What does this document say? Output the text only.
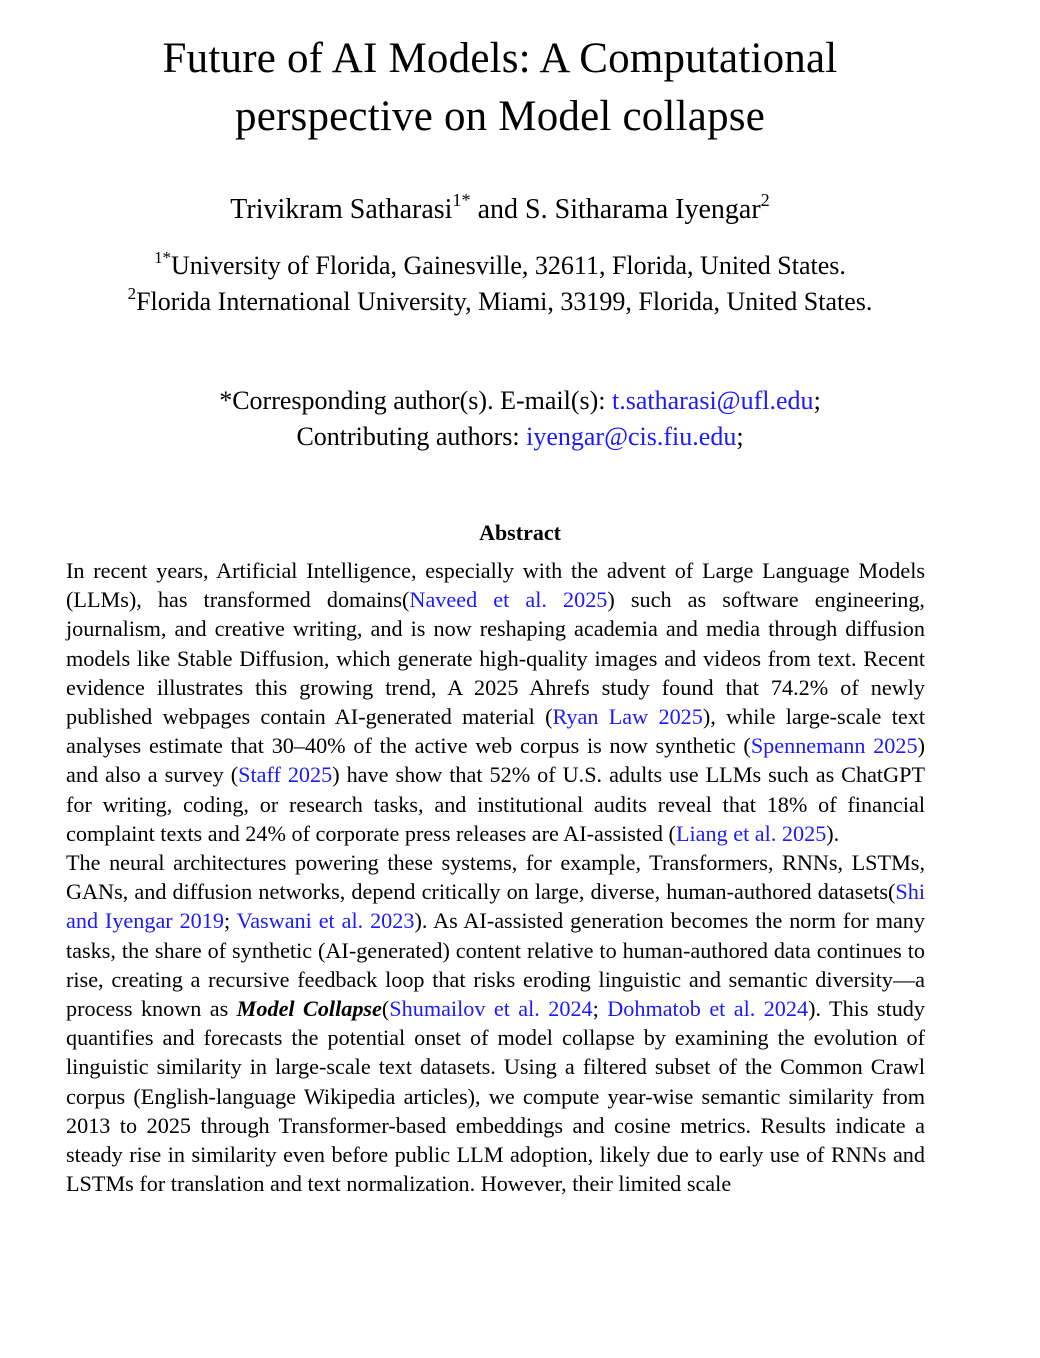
Future of AI Models: A Computational
perspective on Model collapse
Trivikram Satharasi$^{1*}$ and S. Sitharama Iyengar$^2$
$^{1*}$University of Florida, Gainesville, 32611, Florida, United States.
$^2$Florida International University, Miami, 33199, Florida, United States.
*Corresponding author(s). E-mail(s): t.satharasi@ufl.edu;
Contributing authors: iyengar@cis.fiu.edu;
Abstract

In recent years, Artificial Intelligence, especially with the advent of Large Language Models (LLMs), has transformed domains(Naveed et al. 2025) such as software engineering, journalism, and creative writing, and is now reshaping academia and media through diffusion models like Stable Diffusion, which generate high-quality images and videos from text. Recent evidence illustrates this growing trend, A 2025 Ahrefs study found that 74.2% of newly published webpages contain AI-generated material (Ryan Law 2025), while large-scale text analyses estimate that 30–40% of the active web corpus is now synthetic (Spennemann 2025) and also a survey (Staff 2025) have show that 52% of U.S. adults use LLMs such as ChatGPT for writing, coding, or research tasks, and institutional audits reveal that 18% of financial complaint texts and 24% of corporate press releases are AI-assisted (Liang et al. 2025).

The neural architectures powering these systems, for example, Transformers, RNNs, LSTMs, GANs, and diffusion networks, depend critically on large, diverse, human-authored datasets(Shi and Iyengar 2019; Vaswani et al. 2023). As AI-assisted generation becomes the norm for many tasks, the share of synthetic (AI-generated) content relative to human-authored data continues to rise, creating a recursive feedback loop that risks eroding linguistic and semantic diversity—a process known as Model Collapse(Shumailov et al. 2024; Dohmatob et al. 2024). This study quantifies and forecasts the potential onset of model collapse by examining the evolution of linguistic similarity in large-scale text datasets. Using a filtered subset of the Common Crawl corpus (English-language Wikipedia articles), we compute year-wise semantic similarity from 2013 to 2025 through Transformer-based embeddings and cosine metrics. Results indicate a steady rise in similarity even before public LLM adoption, likely due to early use of RNNs and LSTMs for translation and text normalization. However, their limited scale
